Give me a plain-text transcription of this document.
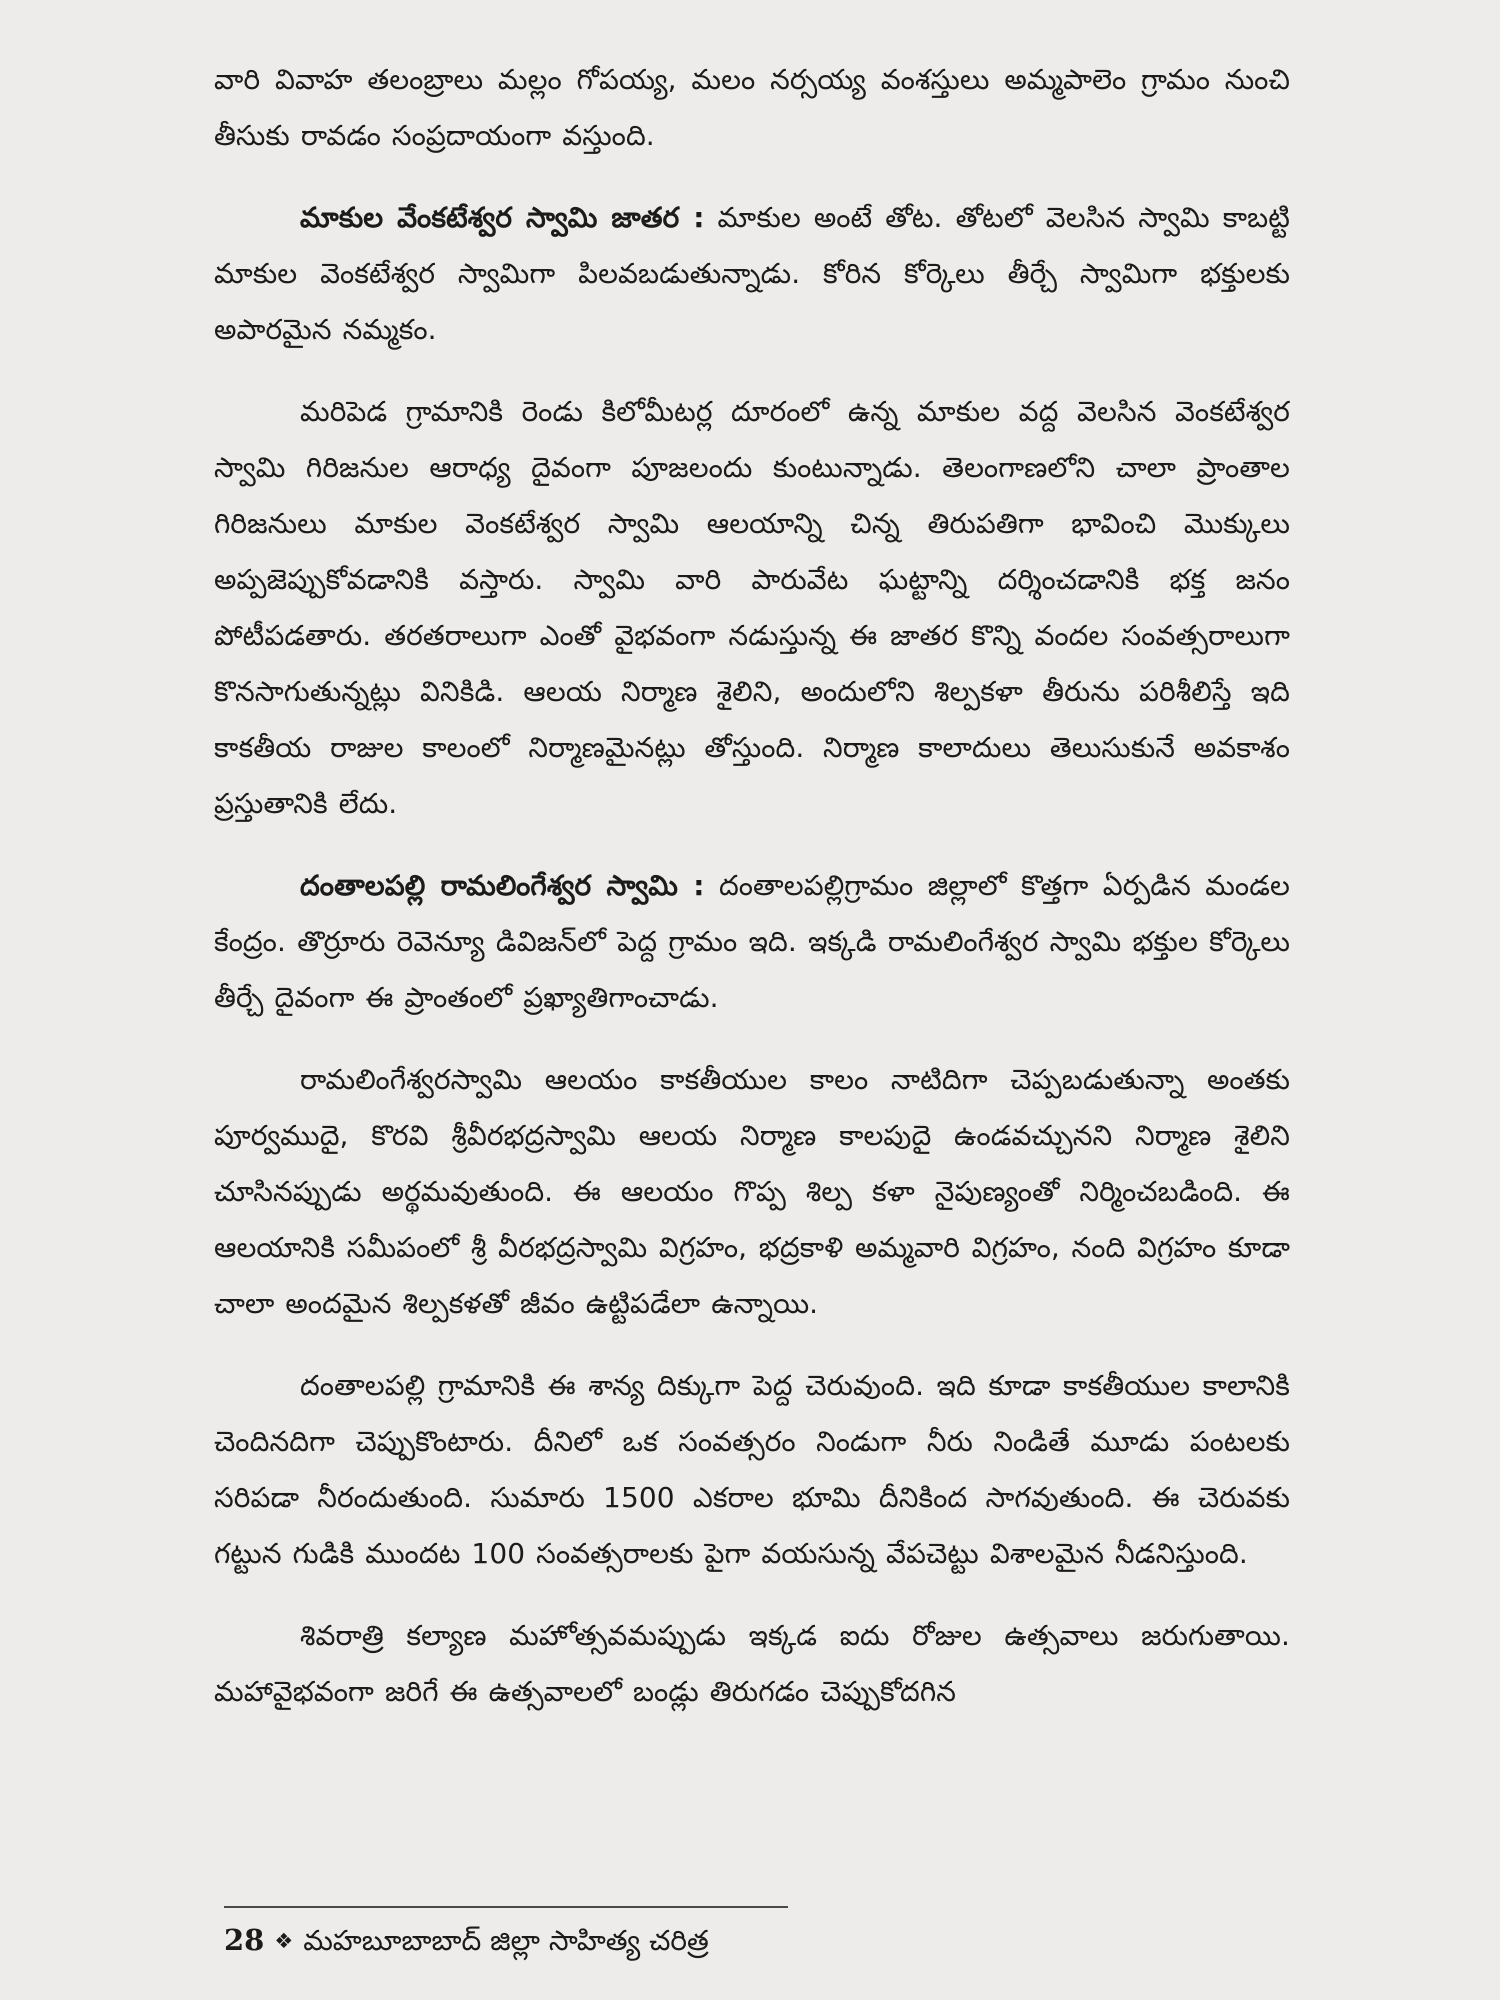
వారి వివాహ తలంబ్రాలు మల్లం గోపయ్య, మలం నర్సయ్య వంశస్తులు అమ్మపాలెం గ్రామం నుంచి తీసుకు రావడం సంప్రదాయంగా వస్తుంది.

మాకుల వేంకటేశ్వర స్వామి జాతర : మాకుల అంటే తోట. తోటలో వెలసిన స్వామి కాబట్టి మాకుల వెంకటేశ్వర స్వామిగా పిలవబడుతున్నాడు. కోరిన కోర్కెలు తీర్చే స్వామిగా భక్తులకు అపారమైన నమ్మకం.

మరిపెడ గ్రామానికి రెండు కిలోమీటర్ల దూరంలో ఉన్న మాకుల వద్ద వెలసిన వెంకటేశ్వర స్వామి గిరిజనుల ఆరాధ్య దైవంగా పూజలందు కుంటున్నాడు. తెలంగాణలోని చాలా ప్రాంతాల గిరిజనులు మాకుల వెంకటేశ్వర స్వామి ఆలయాన్ని చిన్న తిరుపతిగా భావించి మొక్కులు అప్పజెప్పుకోవడానికి వస్తారు. స్వామి వారి పారువేట ఘట్టాన్ని దర్శించడానికి భక్త జనం పోటీపడతారు. తరతరాలుగా ఎంతో వైభవంగా నడుస్తున్న ఈ జాతర కొన్ని వందల సంవత్సరాలుగా కొనసాగుతున్నట్లు వినికిడి. ఆలయ నిర్మాణ శైలిని, అందులోని శిల్పకళా తీరును పరిశీలిస్తే ఇది కాకతీయ రాజుల కాలంలో నిర్మాణమైనట్లు తోస్తుంది. నిర్మాణ కాలాదులు తెలుసుకునే అవకాశం ప్రస్తుతానికి లేదు.

దంతాలపల్లి రామలింగేశ్వర స్వామి : దంతాలపల్లిగ్రామం జిల్లాలో కొత్తగా ఏర్పడిన మండల కేంద్రం. తొర్రూరు రెవెన్యూ డివిజన్‌లో పెద్ద గ్రామం ఇది. ఇక్కడి రామలింగేశ్వర స్వామి భక్తుల కోర్కెలు తీర్చే దైవంగా ఈ ప్రాంతంలో ప్రఖ్యాతిగాంచాడు.

రామలింగేశ్వరస్వామి ఆలయం కాకతీయుల కాలం నాటిదిగా చెప్పబడుతున్నా అంతకు పూర్వముదై, కొరవి శ్రీవీరభద్రస్వామి ఆలయ నిర్మాణ కాలపుదై ఉండవచ్చునని నిర్మాణ శైలిని చూసినప్పుడు అర్థమవుతుంది. ఈ ఆలయం గొప్ప శిల్ప కళా నైపుణ్యంతో నిర్మించబడింది. ఈ ఆలయానికి సమీపంలో శ్రీ వీరభద్రస్వామి విగ్రహం, భద్రకాళి అమ్మవారి విగ్రహం, నంది విగ్రహం కూడా చాలా అందమైన శిల్పకళతో జీవం ఉట్టిపడేలా ఉన్నాయి.

దంతాలపల్లి గ్రామానికి ఈ శాన్య దిక్కుగా పెద్ద చెరువుంది. ఇది కూడా కాకతీయుల కాలానికి చెందినదిగా చెప్పుకొంటారు. దీనిలో ఒక సంవత్సరం నిండుగా నీరు నిండితే మూడు పంటలకు సరిపడా నీరందుతుంది. సుమారు 1500 ఎకరాల భూమి దీనికింద సాగవుతుంది. ఈ చెరువకు గట్టున గుడికి ముందట 100 సంవత్సరాలకు పైగా వయసున్న వేపచెట్టు విశాలమైన నీడనిస్తుంది.

శివరాత్రి కల్యాణ మహోత్సవమప్పుడు ఇక్కడ ఐదు రోజుల ఉత్సవాలు జరుగుతాయి. మహావైభవంగా జరిగే ఈ ఉత్సవాలలో బండ్లు తిరుగడం చెప్పుకోదగిన

28 ❖ మహబూబాబాద్ జిల్లా సాహిత్య చరిత్ర
